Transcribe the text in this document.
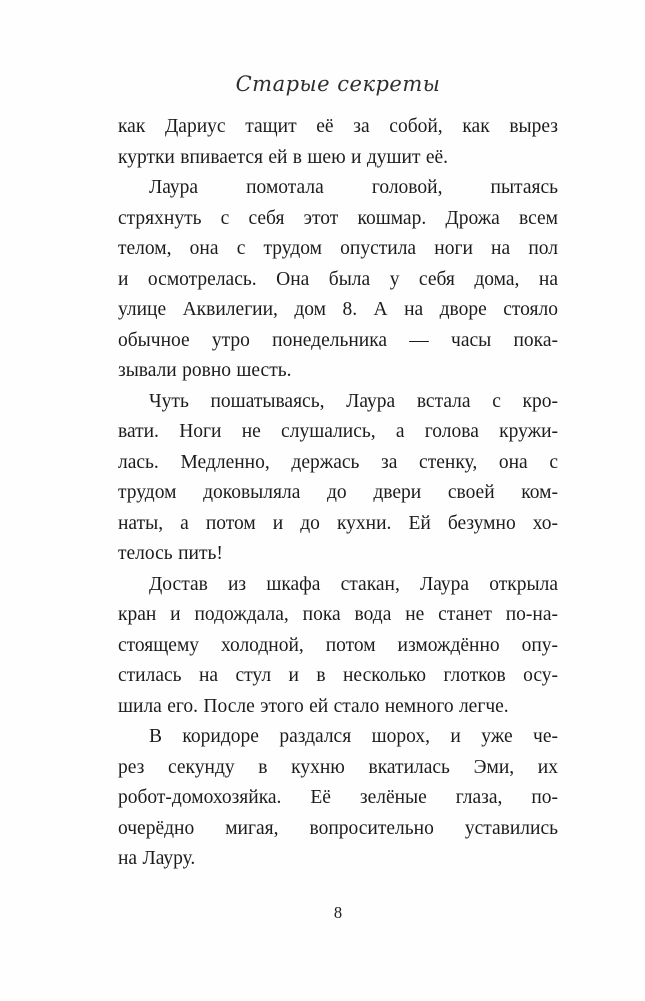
Старые секреты
как Дариус тащит её за собой, как вырез
куртки впивается ей в шею и душит её.
Лаура помотала головой, пытаясь
стряхнуть с себя этот кошмар. Дрожа всем
телом, она с трудом опустила ноги на пол
и осмотрелась. Она была у себя дома, на
улице Аквилегии, дом 8. А на дворе стояло
обычное утро понедельника — часы пока-
зывали ровно шесть.
Чуть пошатываясь, Лаура встала с кро-
вати. Ноги не слушались, а голова кружи-
лась. Медленно, держась за стенку, она с
трудом доковыляла до двери своей ком-
наты, а потом и до кухни. Ей безумно хо-
телось пить!
Достав из шкафа стакан, Лаура открыла
кран и подождала, пока вода не станет по-на-
стоящему холодной, потом измождённо опу-
стилась на стул и в несколько глотков осу-
шила его. После этого ей стало немного легче.
В коридоре раздался шорох, и уже че-
рез секунду в кухню вкатилась Эми, их
робот-домохозяйка. Её зелёные глаза, по-
очерёдно мигая, вопросительно уставились
на Лауру.
8
